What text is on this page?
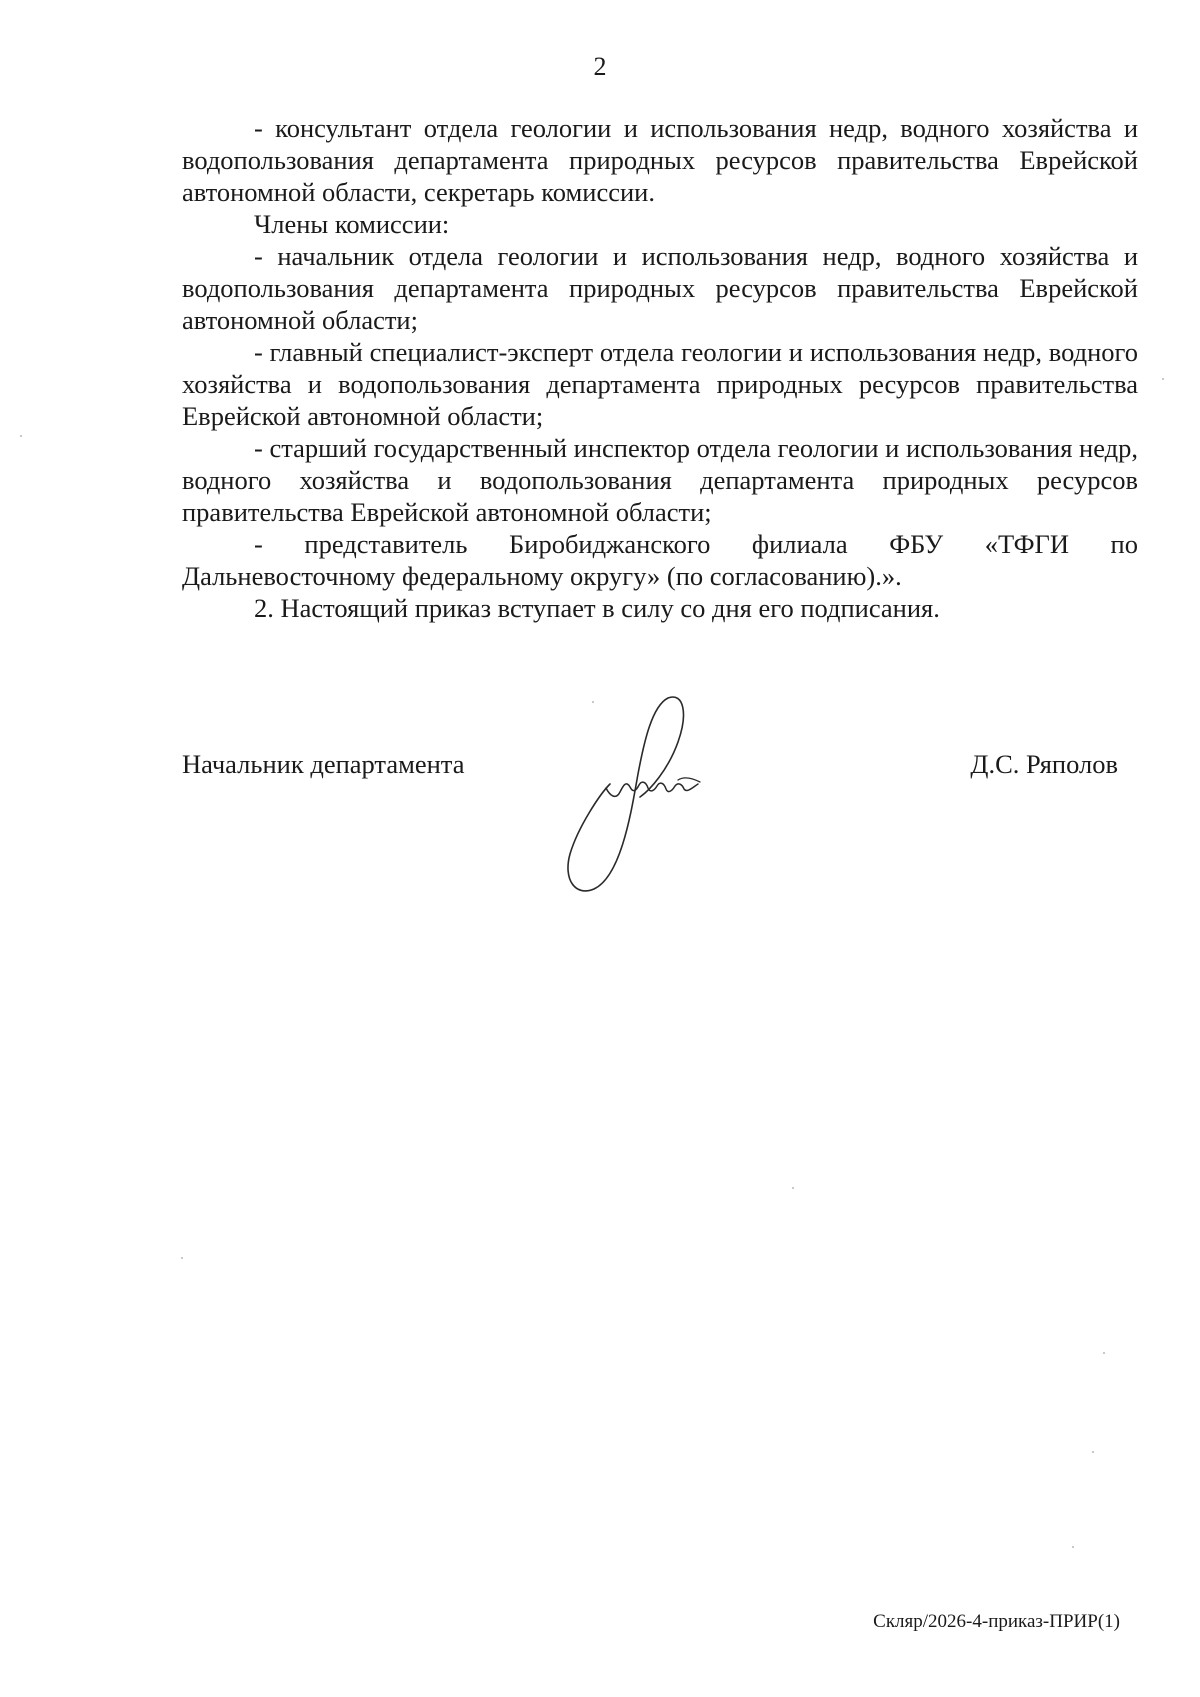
2

- консультант отдела геологии и использования недр, водного хозяйства и водопользования департамента природных ресурсов правительства Еврейской автономной области, секретарь комиссии.

Члены комиссии:

- начальник отдела геологии и использования недр, водного хозяйства и водопользования департамента природных ресурсов правительства Еврейской автономной области;

- главный специалист-эксперт отдела геологии и использования недр, водного хозяйства и водопользования департамента природных ресурсов правительства Еврейской автономной области;

- старший государственный инспектор отдела геологии и использования недр, водного хозяйства и водопользования департамента природных ресурсов правительства Еврейской автономной области;

- представитель Биробиджанского филиала ФБУ «ТФГИ по Дальневосточному федеральному округу» (по согласованию).».

2. Настоящий приказ вступает в силу со дня его подписания.

Начальник департамента	Д.С. Ряполов
Скляр/2026-4-приказ-ПРИР(1)
